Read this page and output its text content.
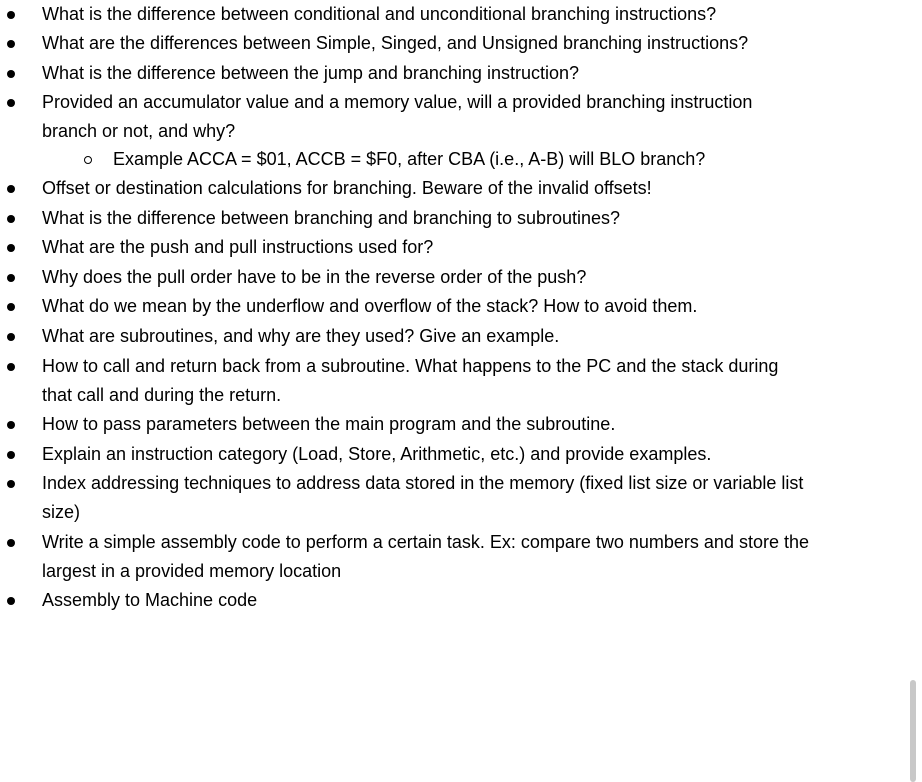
What is the difference between conditional and unconditional branching instructions?
What are the differences between Simple, Singed, and Unsigned branching instructions?
What is the difference between the jump and branching instruction?
Provided an accumulator value and a memory value, will a provided branching instruction
branch or not, and why?
Example ACCA = $01, ACCB = $F0, after CBA (i.e., A-B) will BLO branch?
Offset or destination calculations for branching. Beware of the invalid offsets!
What is the difference between branching and branching to subroutines?
What are the push and pull instructions used for?
Why does the pull order have to be in the reverse order of the push?
What do we mean by the underflow and overflow of the stack? How to avoid them.
What are subroutines, and why are they used? Give an example.
How to call and return back from a subroutine. What happens to the PC and the stack during
that call and during the return.
How to pass parameters between the main program and the subroutine.
Explain an instruction category (Load, Store, Arithmetic, etc.) and provide examples.
Index addressing techniques to address data stored in the memory (fixed list size or variable list
size)
Write a simple assembly code to perform a certain task. Ex: compare two numbers and store the
largest in a provided memory location
Assembly to Machine code
